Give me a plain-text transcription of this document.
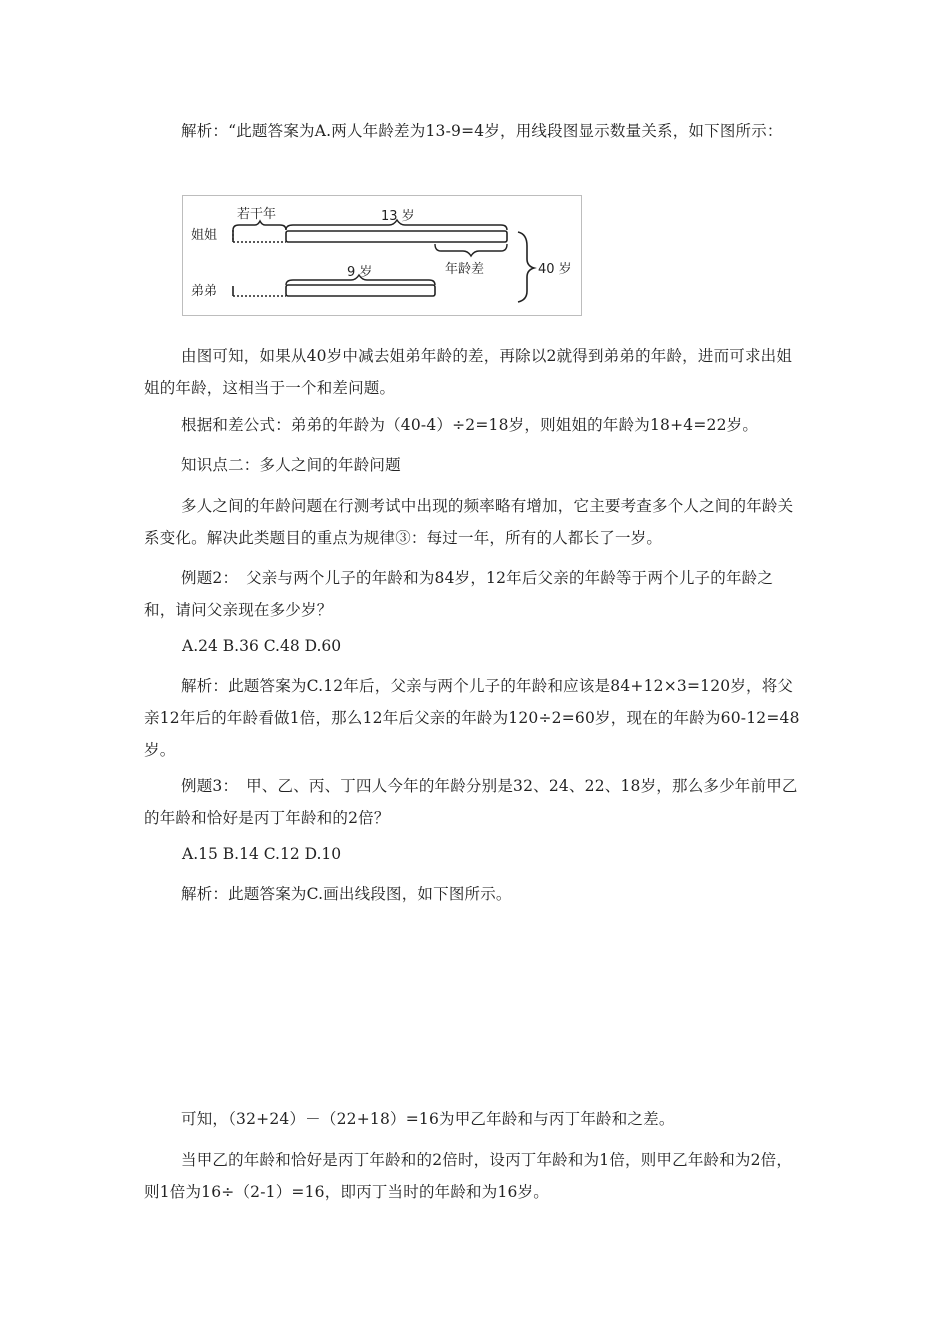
解析：“此题答案为A.两人年龄差为13-9=4岁，用线段图显示数量关系，如下图所示：

姐姐
弟弟
若干年	13 岁
9 岁	年龄差	40 岁

由图可知，如果从40岁中减去姐弟年龄的差，再除以2就得到弟弟的年龄，进而可求出姐姐的年龄，这相当于一个和差问题。

根据和差公式：弟弟的年龄为（40-4）÷2=18岁，则姐姐的年龄为18+4=22岁。

知识点二：多人之间的年龄问题

多人之间的年龄问题在行测考试中出现的频率略有增加，它主要考查多个人之间的年龄关系变化。解决此类题目的重点为规律③：每过一年，所有的人都长了一岁。

例题2：　父亲与两个儿子的年龄和为84岁，12年后父亲的年龄等于两个儿子的年龄之和，请问父亲现在多少岁？

A.24 B.36 C.48 D.60

解析：此题答案为C.12年后，父亲与两个儿子的年龄和应该是84+12×3=120岁，将父亲12年后的年龄看做1倍，那么12年后父亲的年龄为120÷2=60岁，现在的年龄为60-12=48岁。

例题3：　甲、乙、丙、丁四人今年的年龄分别是32、24、22、18岁，那么多少年前甲乙的年龄和恰好是丙丁年龄和的2倍？

A.15 B.14 C.12 D.10

解析：此题答案为C.画出线段图，如下图所示。

可知，（32+24）－（22+18）=16为甲乙年龄和与丙丁年龄和之差。

当甲乙的年龄和恰好是丙丁年龄和的2倍时，设丙丁年龄和为1倍，则甲乙年龄和为2倍，则1倍为16÷（2-1）=16，即丙丁当时的年龄和为16岁。
